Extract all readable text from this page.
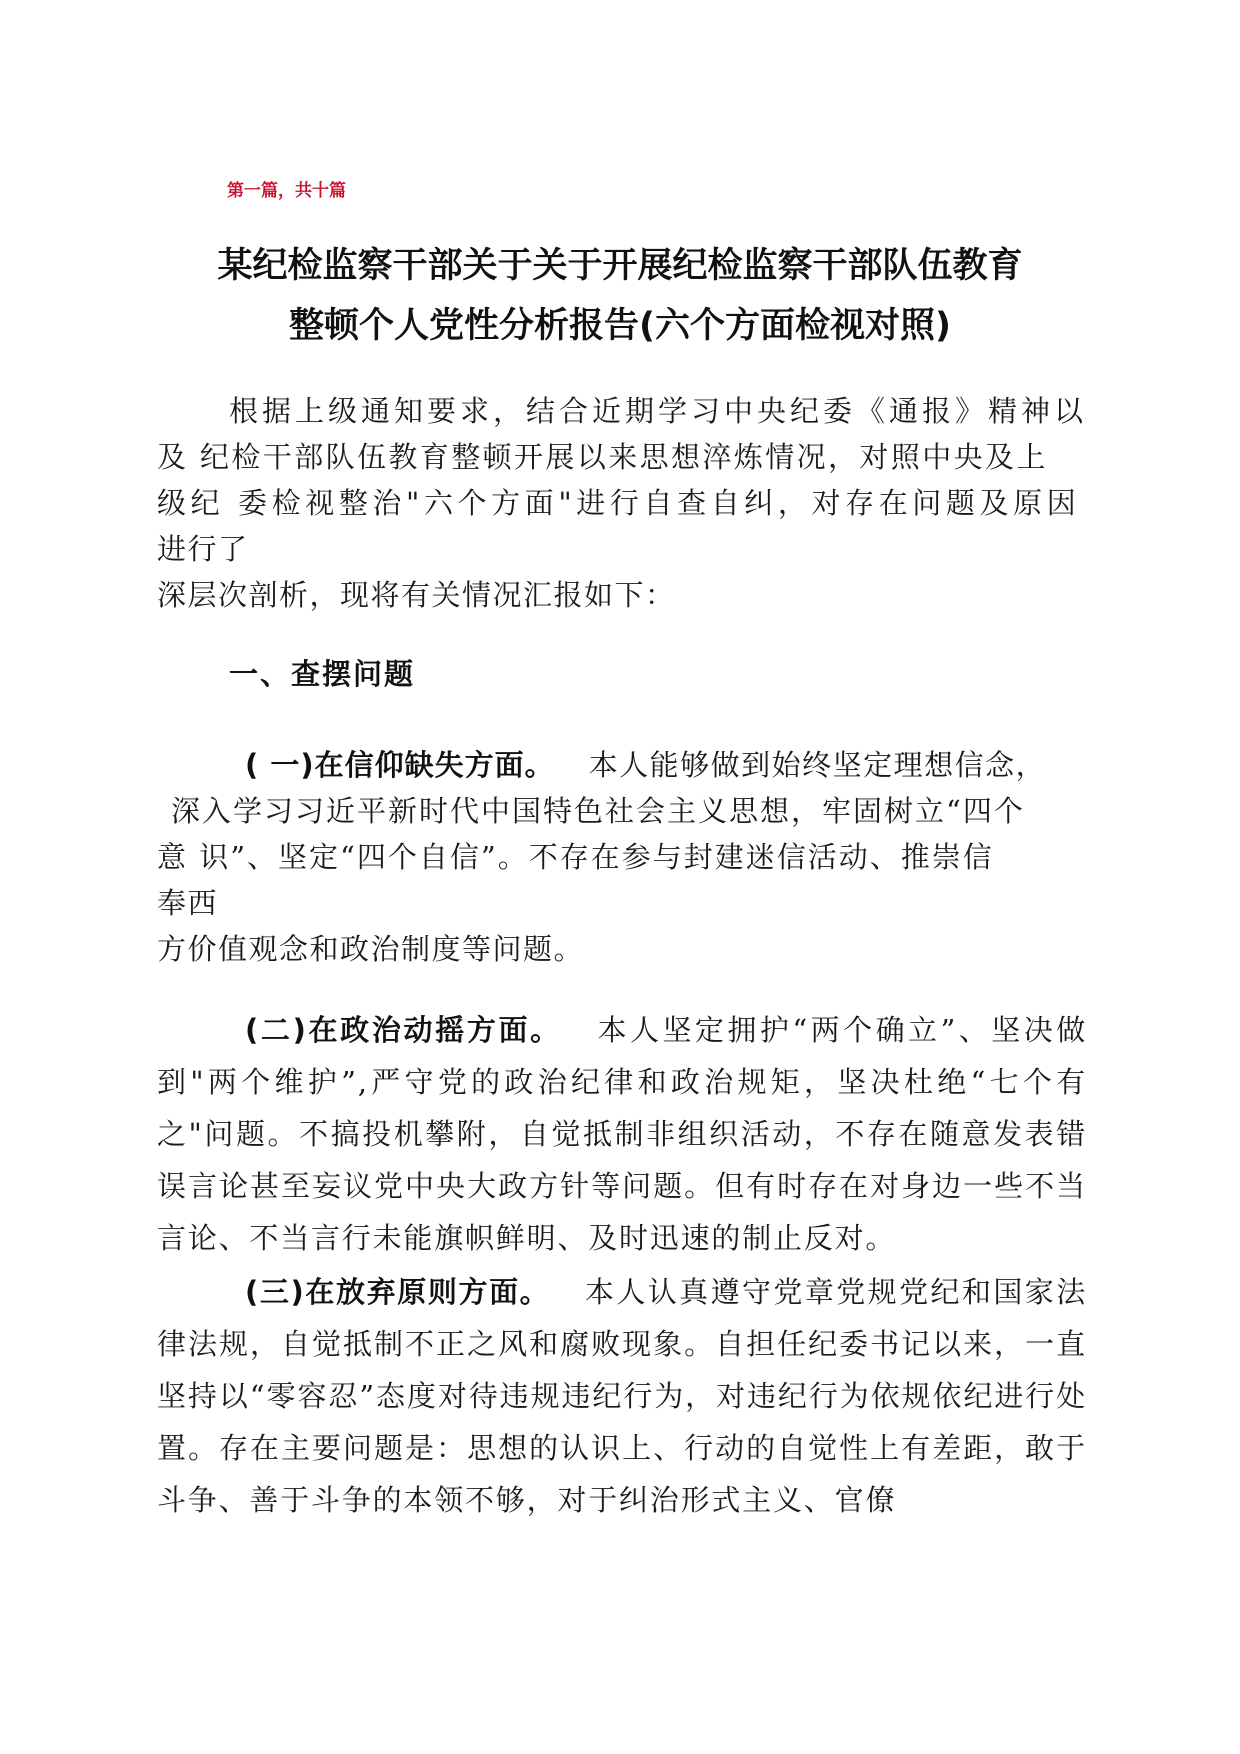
第一篇，共十篇
某纪检监察干部关于关于开展纪检监察干部队伍教育
整顿个人党性分析报告(六个方面检视对照)
根据上级通知要求，结合近期学习中央纪委《通报》精神以
及 纪检干部队伍教育整顿开展以来思想淬炼情况，对照中央及上
级纪 委检视整治"六个方面"进行自查自纠，对存在问题及原因
进行了
深层次剖析，现将有关情况汇报如下：
一、查摆问题
( 一)在信仰缺失方面。 本人能够做到始终坚定理想信念，
深入学习习近平新时代中国特色社会主义思想，牢固树立“四个
意 识”、坚定“四个自信”。不存在参与封建迷信活动、推崇信
奉西
方价值观念和政治制度等问题。

(二)在政治动摇方面。 本人坚定拥护“两个确立”、坚决做到"两个维护”,严守党的政治纪律和政治规矩，坚决杜绝“七个有之"问题。不搞投机攀附，自觉抵制非组织活动，不存在随意发表错误言论甚至妄议党中央大政方针等问题。但有时存在对身边一些不当言论、不当言行未能旗帜鲜明、及时迅速的制止反对。

(三)在放弃原则方面。 本人认真遵守党章党规党纪和国家法律法规，自觉抵制不正之风和腐败现象。自担任纪委书记以来，一直坚持以“零容忍”态度对待违规违纪行为，对违纪行为依规依纪进行处置。存在主要问题是：思想的认识上、行动的自觉性上有差距，敢于斗争、善于斗争的本领不够，对于纠治形式主义、官僚
